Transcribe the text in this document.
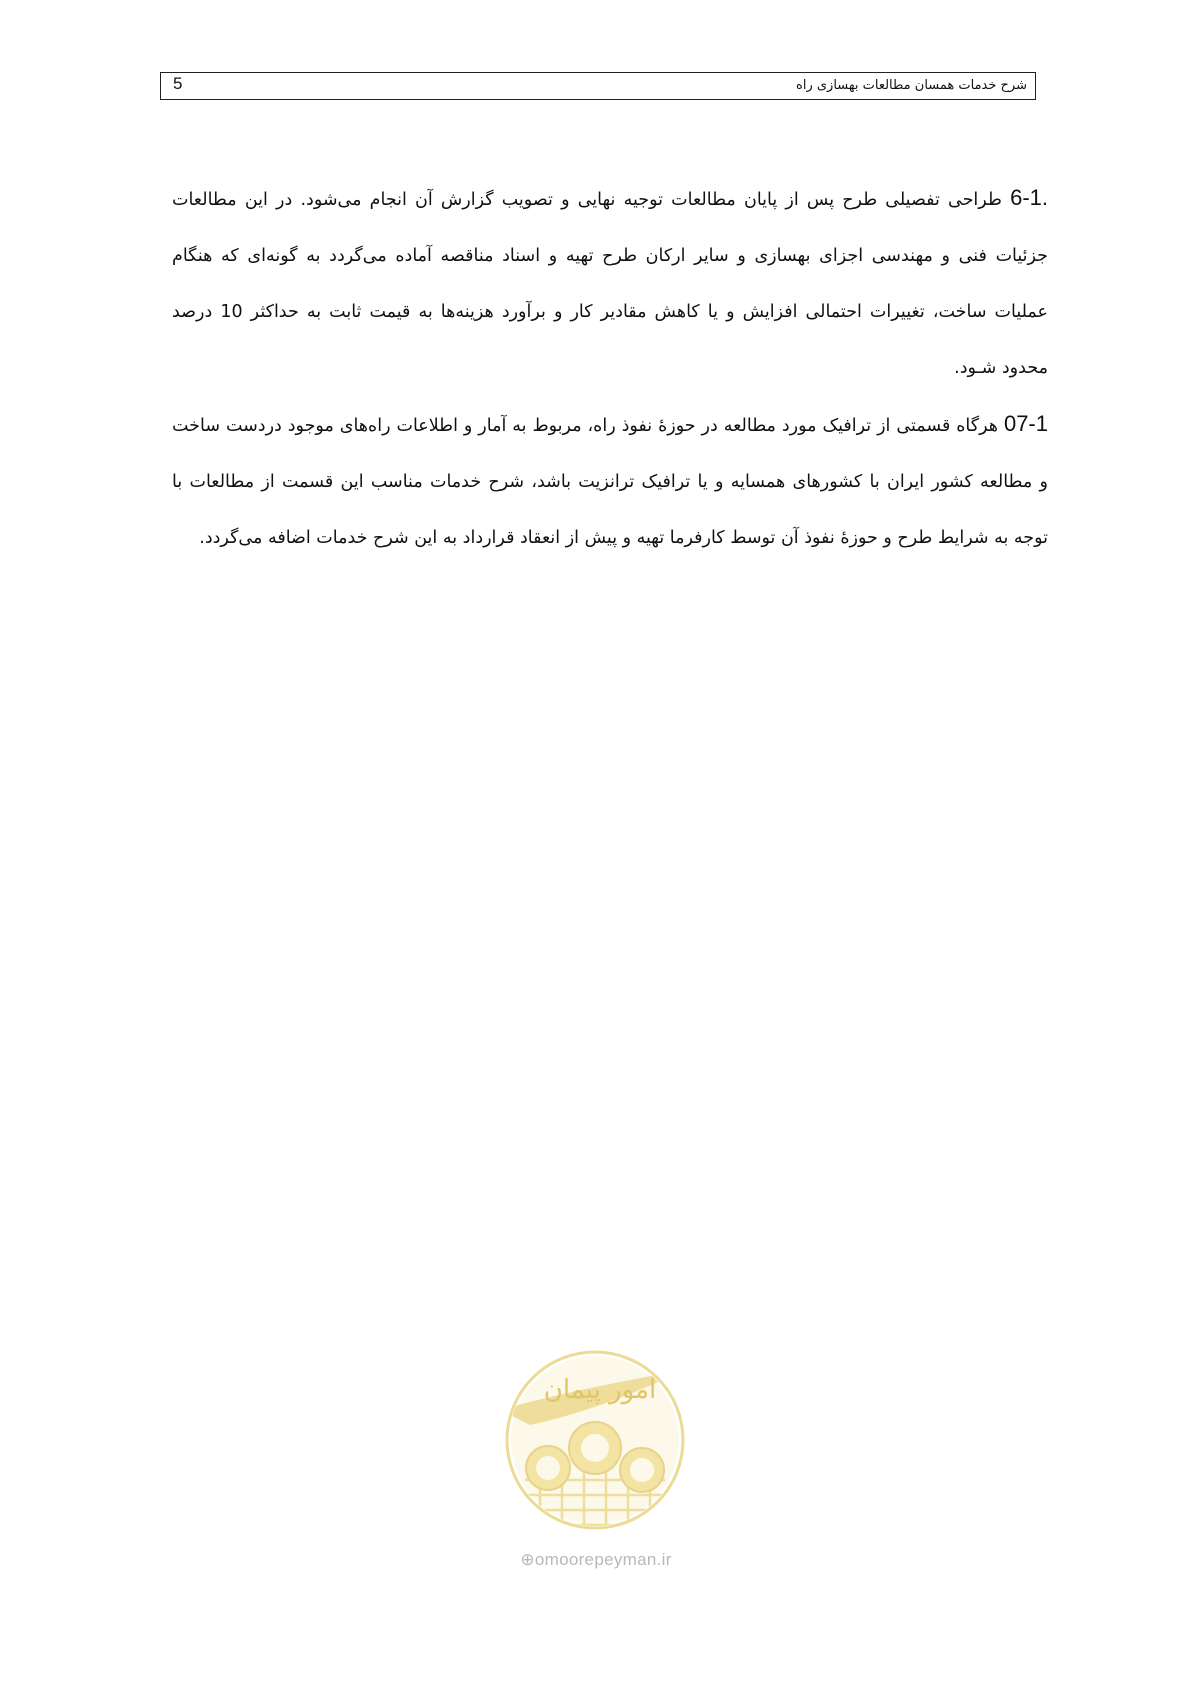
5	شرح خدمات همسان مطالعات بهسازی راه

6-1. طراحی تفصیلی طرح پس از پایان مطالعات توجیه نهایی و تصویب گزارش آن انجام می‌شود. در این مطالعات جزئیات فنی و مهندسی اجزای بهسازی و سایر ارکان طرح تهیه و اسناد مناقصه آماده می‌گردد به گونه‌ای که هنگام عملیات ساخت، تغییرات احتمالی افزایش و یا کاهش مقادیر کار و برآورد هزینه‌ها به قیمت ثابت به حداکثر 10 درصد محدود شـود.

07-1 هرگاه قسمتی از ترافیک مورد مطالعه در حوزهٔ نفوذ راه، مربوط به آمار و اطلاعات راه‌های موجود دردست ساخت و مطالعه کشور ایران با کشورهای همسایه و یا ترافیک ترانزیت باشد، شرح خدمات مناسب این قسمت از مطالعات با توجه به شرایط طرح و حوزهٔ نفوذ آن توسط کارفرما تهیه و پیش از انعقاد قرارداد به این شرح خدمات اضافه می‌گردد.

امور پیمان
⊕omoorepeyman.ir
